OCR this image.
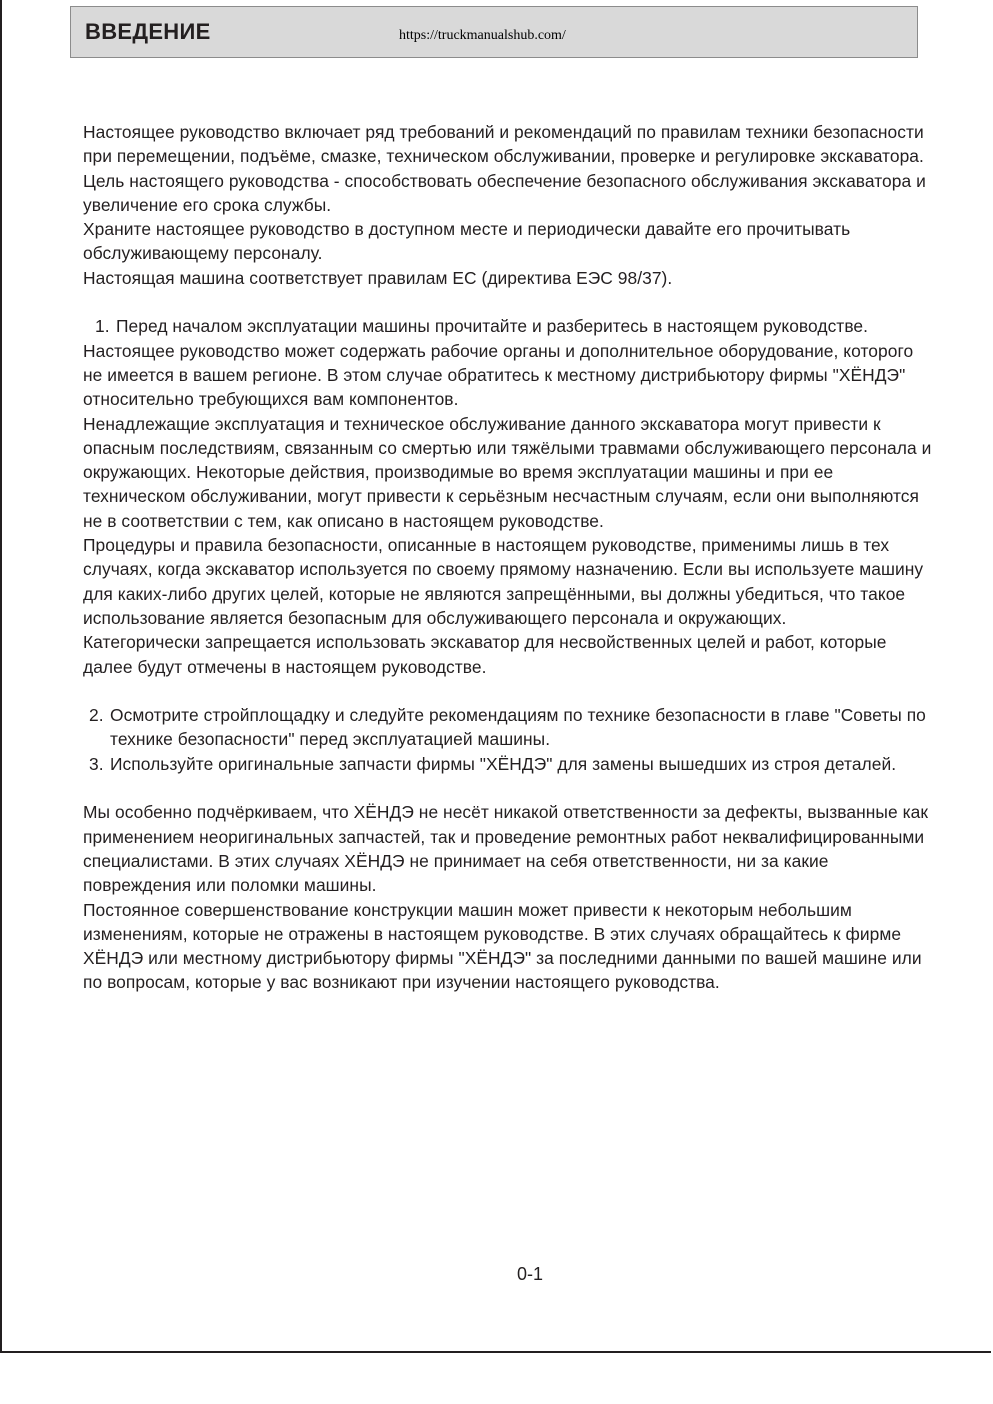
ВВЕДЕНИЕ	https://truckmanualshub.com/

Настоящее руководство включает ряд требований и рекомендаций по правилам техники безопасности при перемещении, подъёме, смазке, техническом обслуживании, проверке и регулировке экскаватора.

Цель настоящего руководства - способствовать обеспечение безопасного обслуживания экскаватора и увеличение его срока службы.

Храните настоящее руководство в доступном месте и периодически давайте его прочитывать обслуживающему персоналу.

Настоящая машина соответствует правилам ЕС (директива ЕЭС 98/37).

1. Перед началом эксплуатации машины прочитайте и разберитесь в настоящем руководстве.

Настоящее руководство может содержать рабочие органы и дополнительное оборудование, которого не имеется в вашем регионе. В этом случае обратитесь к местному дистрибьютору фирмы "ХЁНДЭ" относительно требующихся вам компонентов.

Ненадлежащие эксплуатация и техническое обслуживание данного экскаватора могут привести к опасным последствиям, связанным со смертью или тяжёлыми травмами обслуживающего персонала и окружающих. Некоторые действия, производимые во время эксплуатации машины и при ее техническом обслуживании, могут привести к серьёзным несчастным случаям, если они выполняются не в соответствии с тем, как описано в настоящем руководстве.

Процедуры и правила безопасности, описанные в настоящем руководстве, применимы лишь в тех случаях, когда экскаватор используется по своему прямому назначению. Если вы используете машину для каких-либо других целей, которые не являются запрещёнными, вы должны убедиться, что такое использование является безопасным для обслуживающего персонала и окружающих.

Категорически запрещается использовать экскаватор для несвойственных целей и работ, которые далее будут отмечены в настоящем руководстве.

2. Осмотрите стройплощадку и следуйте рекомендациям по технике безопасности в главе "Советы по технике безопасности" перед эксплуатацией машины.
3. Используйте оригинальные запчасти фирмы "ХЁНДЭ" для замены вышедших из строя деталей.

Мы особенно подчёркиваем, что ХЁНДЭ не несёт никакой ответственности за дефекты, вызванные как применением неоригинальных запчастей, так и проведение ремонтных работ неквалифицированными специалистами. В этих случаях ХЁНДЭ не принимает на себя ответственности, ни за какие повреждения или поломки машины.

Постоянное совершенствование конструкции машин может привести к некоторым небольшим изменениям, которые не отражены в настоящем руководстве. В этих случаях обращайтесь к фирме ХЁНДЭ или местному дистрибьютору фирмы "ХЁНДЭ" за последними данными по вашей машине или по вопросам, которые у вас возникают при изучении настоящего руководства.

0-1
